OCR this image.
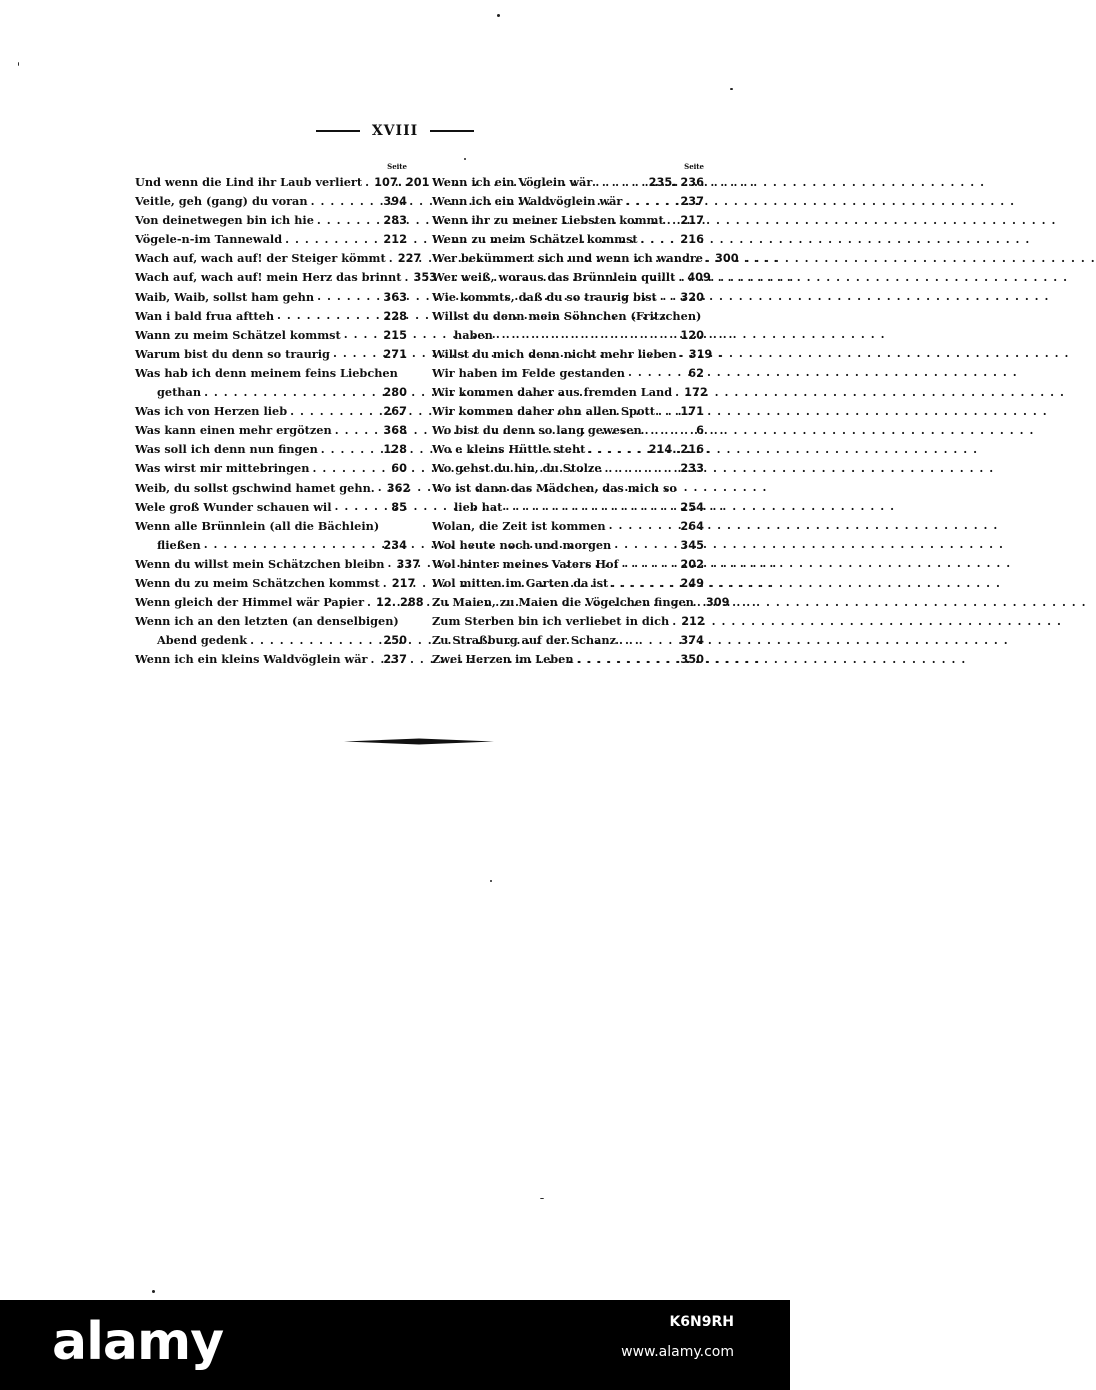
XVIII
Seite
Und wenn die Lind ihr Laub verliert . . . 107. 201
Veitle, geh (gang) du voran . . .	394
Von deinetwegen bin ich hie . . .	283
Vögele-n-im Tannewald . . .	212
Wach auf, wach auf! der Steiger kömmt . . . 227
Wach auf, wach auf! mein Herz das brinnt . . . 353
Waib, Waib, sollst ham gehn . . .	363
Wan i bald frua aftteh . . .	228
Wann zu meim Schätzel kommst . . .	215
Warum bist du denn so traurig . . .	271
Was hab ich denn meinem feins Liebchen
gethan . . .	280
Was ich von Herzen lieb . . .	267
Was kann einen mehr ergötzen . . .	368
Was soll ich denn nun fingen . . .	128
Was wirst mir mittebringen . . .	60
Weib, du sollst gschwind hamet gehn. . . . 362
Wele groß Wunder schauen wil . . .	85
Wenn alle Brünnlein (all die Bächlein)
fließen . . .	234
Wenn du willst mein Schätzchen bleibn . . . 337
Wenn du zu meim Schätzchen kommst . . . 217
Wenn gleich der Himmel wär Papier . . . 12. 288
Wenn ich an den letzten (an denselbigen)
Abend gedenk . . .	250
Wenn ich ein kleins Waldvöglein wär . . . 237
Seite
Wenn ich ein Vöglein wär . . .	235. 236
Wenn ich ein Waldvöglein wär . . .	237
Wenn ihr zu meiner Liebsten kommt . . . 217
Wenn zu meim Schätzel kommst . . .	216
Wer bekümmert sich und wenn ich wandre . . . 300
Wer weiß, woraus das Brünnlein quillt . . . 409
Wie kommts, daß du so traurig bist . . . 320
Willst du denn mein Söhnchen (Fritzchen)
haben . . .	120
Willst du mich denn nicht mehr lieben . . . 319
Wir haben im Felde gestanden . . .	62
Wir kommen daher aus fremden Land . . . 172
Wir kommen daher ohn allen Spott . . . 171
Wo bist du denn so lang gewesen . . .	6
Wo e kleins Hüttle steht . . .	214. 216
Wo gehst du hin, du Stolze . . .	233
Wo ist dann das Mädchen, das mich so
lieb hat . . .	254
Wolan, die Zeit ist kommen . . .	264
Wol heute noch und morgen . . .	345
Wol hinter meines Vaters Hof . . .	202
Wol mitten im Garten da ist . . .	249
Zu Maien, zu Maien die Vögelchen fingen . . . 309
Zum Sterben bin ich verliebet in dich . . . 212
Zu Straßburg auf der Schanz . . .	374
Zwei Herzen im Leben . . .	350
alamy	K6N9RH
www.alamy.com
